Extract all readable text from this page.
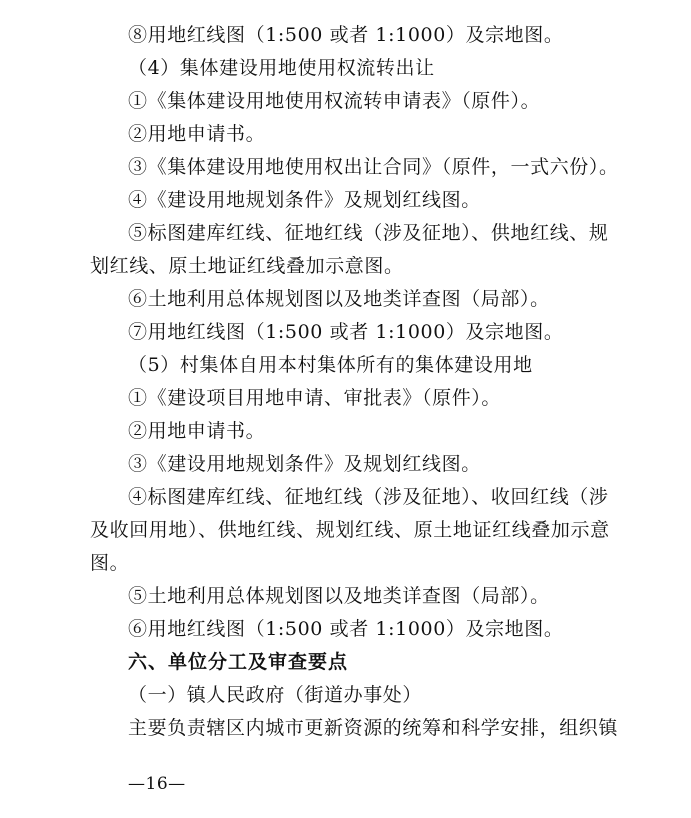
⑧用地红线图（1:500 或者 1:1000）及宗地图。
（4）集体建设用地使用权流转出让
①《集体建设用地使用权流转申请表》（原件）。
②用地申请书。
③《集体建设用地使用权出让合同》（原件，一式六份）。
④《建设用地规划条件》及规划红线图。
⑤标图建库红线、征地红线（涉及征地）、供地红线、规
划红线、原土地证红线叠加示意图。
⑥土地利用总体规划图以及地类详查图（局部）。
⑦用地红线图（1:500 或者 1:1000）及宗地图。
（5）村集体自用本村集体所有的集体建设用地
①《建设项目用地申请、审批表》（原件）。
②用地申请书。
③《建设用地规划条件》及规划红线图。
④标图建库红线、征地红线（涉及征地）、收回红线（涉
及收回用地）、供地红线、规划红线、原土地证红线叠加示意
图。
⑤土地利用总体规划图以及地类详查图（局部）。
⑥用地红线图（1:500 或者 1:1000）及宗地图。
六、单位分工及审查要点
（一）镇人民政府（街道办事处）
主要负责辖区内城市更新资源的统筹和科学安排，组织镇
—16—
